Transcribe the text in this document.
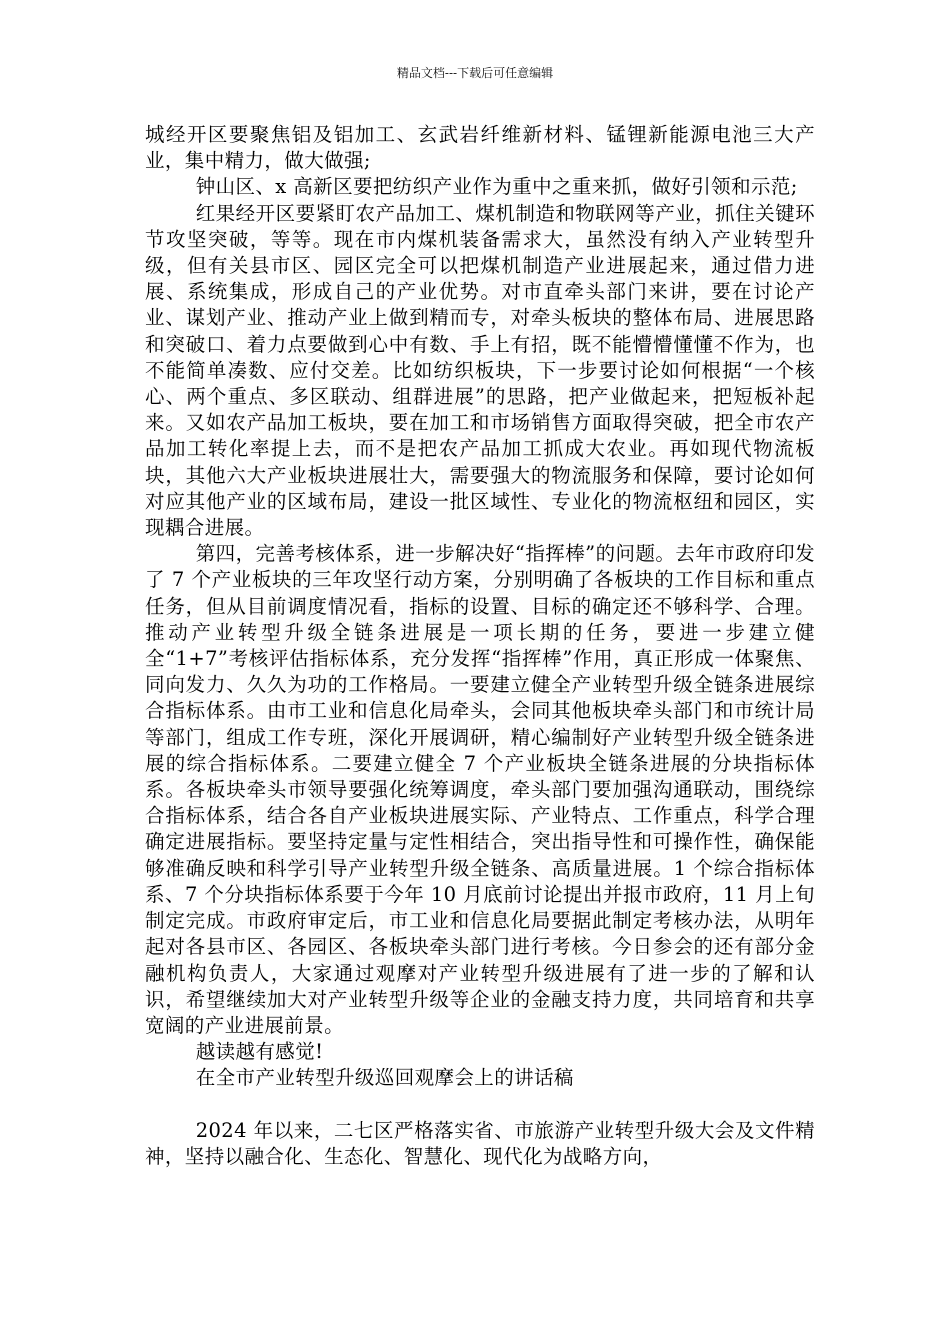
精品文档---下载后可任意编辑

城经开区要聚焦铝及铝加工、玄武岩纤维新材料、锰锂新能源电池三大产业，集中精力，做大做强;

钟山区、x 高新区要把纺织产业作为重中之重来抓，做好引领和示范;

红果经开区要紧盯农产品加工、煤机制造和物联网等产业，抓住关键环节攻坚突破，等等。现在市内煤机装备需求大，虽然没有纳入产业转型升级，但有关县市区、园区完全可以把煤机制造产业进展起来，通过借力进展、系统集成，形成自己的产业优势。对市直牵头部门来讲，要在讨论产业、谋划产业、推动产业上做到精而专，对牵头板块的整体布局、进展思路和突破口、着力点要做到心中有数、手上有招，既不能懵懵懂懂不作为，也不能简单凑数、应付交差。比如纺织板块，下一步要讨论如何根据“一个核心、两个重点、多区联动、组群进展”的思路，把产业做起来，把短板补起来。又如农产品加工板块，要在加工和市场销售方面取得突破，把全市农产品加工转化率提上去，而不是把农产品加工抓成大农业。再如现代物流板块，其他六大产业板块进展壮大，需要强大的物流服务和保障，要讨论如何对应其他产业的区域布局，建设一批区域性、专业化的物流枢纽和园区，实现耦合进展。

第四，完善考核体系，进一步解决好“指挥棒”的问题。去年市政府印发了 7 个产业板块的三年攻坚行动方案，分别明确了各板块的工作目标和重点任务，但从目前调度情况看，指标的设置、目标的确定还不够科学、合理。推动产业转型升级全链条进展是一项长期的任务，要进一步建立健全“1+7”考核评估指标体系，充分发挥“指挥棒”作用，真正形成一体聚焦、同向发力、久久为功的工作格局。一要建立健全产业转型升级全链条进展综合指标体系。由市工业和信息化局牵头，会同其他板块牵头部门和市统计局等部门，组成工作专班，深化开展调研，精心编制好产业转型升级全链条进展的综合指标体系。二要建立健全 7 个产业板块全链条进展的分块指标体系。各板块牵头市领导要强化统筹调度，牵头部门要加强沟通联动，围绕综合指标体系，结合各自产业板块进展实际、产业特点、工作重点，科学合理确定进展指标。要坚持定量与定性相结合，突出指导性和可操作性，确保能够准确反映和科学引导产业转型升级全链条、高质量进展。1 个综合指标体系、7 个分块指标体系要于今年 10 月底前讨论提出并报市政府，11 月上旬制定完成。市政府审定后，市工业和信息化局要据此制定考核办法，从明年起对各县市区、各园区、各板块牵头部门进行考核。今日参会的还有部分金融机构负责人，大家通过观摩对产业转型升级进展有了进一步的了解和认识，希望继续加大对产业转型升级等企业的金融支持力度，共同培育和共享宽阔的产业进展前景。

越读越有感觉!

在全市产业转型升级巡回观摩会上的讲话稿

2024 年以来，二七区严格落实省、市旅游产业转型升级大会及文件精神，坚持以融合化、生态化、智慧化、现代化为战略方向，
